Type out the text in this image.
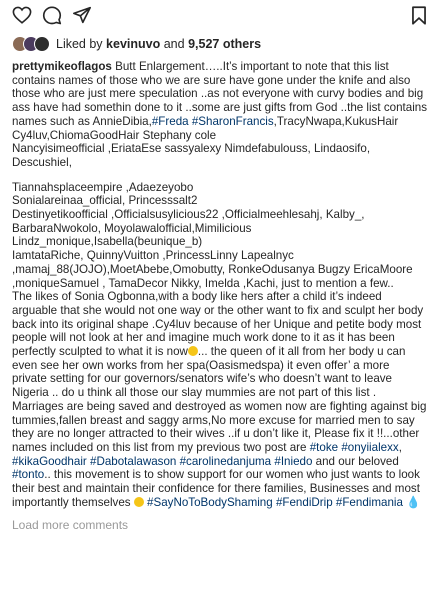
Liked by
kevinuvo
and
9,527 others

prettymikeoflagos Butt Enlargement…..It’s important to note that this list contains names of those who we are sure have gone under the knife and also those who are just mere speculation ..as not everyone with curvy bodies and big ass have had somethin done to it ..some are just gifts from God ..the list contains names such as AnnieDibia,#Freda #SharonFrancis,TracyNwapa,KukusHair Cy4luv,ChiomaGoodHair Stephany cole

Nancyisimeofficial ,EriataEse sassyalexy Nimdefabulouss, Lindaosifo, Descushiel,

Tiannahsplaceempire ,Adaezeyobo

Sonialareinaa_official, Princesssalt2

Destinyetikoofficial ,Officialsusylicious22 ,Officialmeehlesahj, Kalby_, BarbaraNwokolo, Moyolawalofficial,Mimilicious

Lindz_monique,Isabella(beunique_b)

IamtataRiche, QuinnyVuitton ,PrincessLinny Lapealnyc ,mamaj_88(JOJO),MoetAbebe,Omobutty, RonkeOdusanya Bugzy EricaMoore ,moniqueSamuel , TamaDecor Nikky, Imelda ,Kachi, just to mention a few..

The likes of Sonia Ogbonna,with a body like hers after a child it’s indeed arguable that she would not one way or the other want to fix and sculpt her body back into its original shape .Cy4luv because of her Unique and petite body most people will not look at her and imagine much work done to it as it has been perfectly sculpted to what it is now ... the queen of it all from her body u can even see her own works from her spa(Oasismedspa) it even offer’ a more private setting for our governors/senators wife’s who doesn’t want to leave Nigeria .. do u think all those our slay mummies are not part of this list . Marriages are being saved and destroyed as women now are fighting against big tummies,fallen breast and saggy arms,No more excuse for married men to say they are no longer attracted to their wives ..if u don’t like it, Please fix it !!...other names included on this list from my previous two post are #toke #onyiialexx, #kikaGoodhair #Dabotalawason #carolinedanjuma #Iniedo and our beloved #tonto.. this movement is to show support for our women who just wants to look their best and maintain their confidence for there families, Businesses and most importantly themselves #SayNoToBodyShaming #FendiDrip #Fendimania 💧

Load more comments
